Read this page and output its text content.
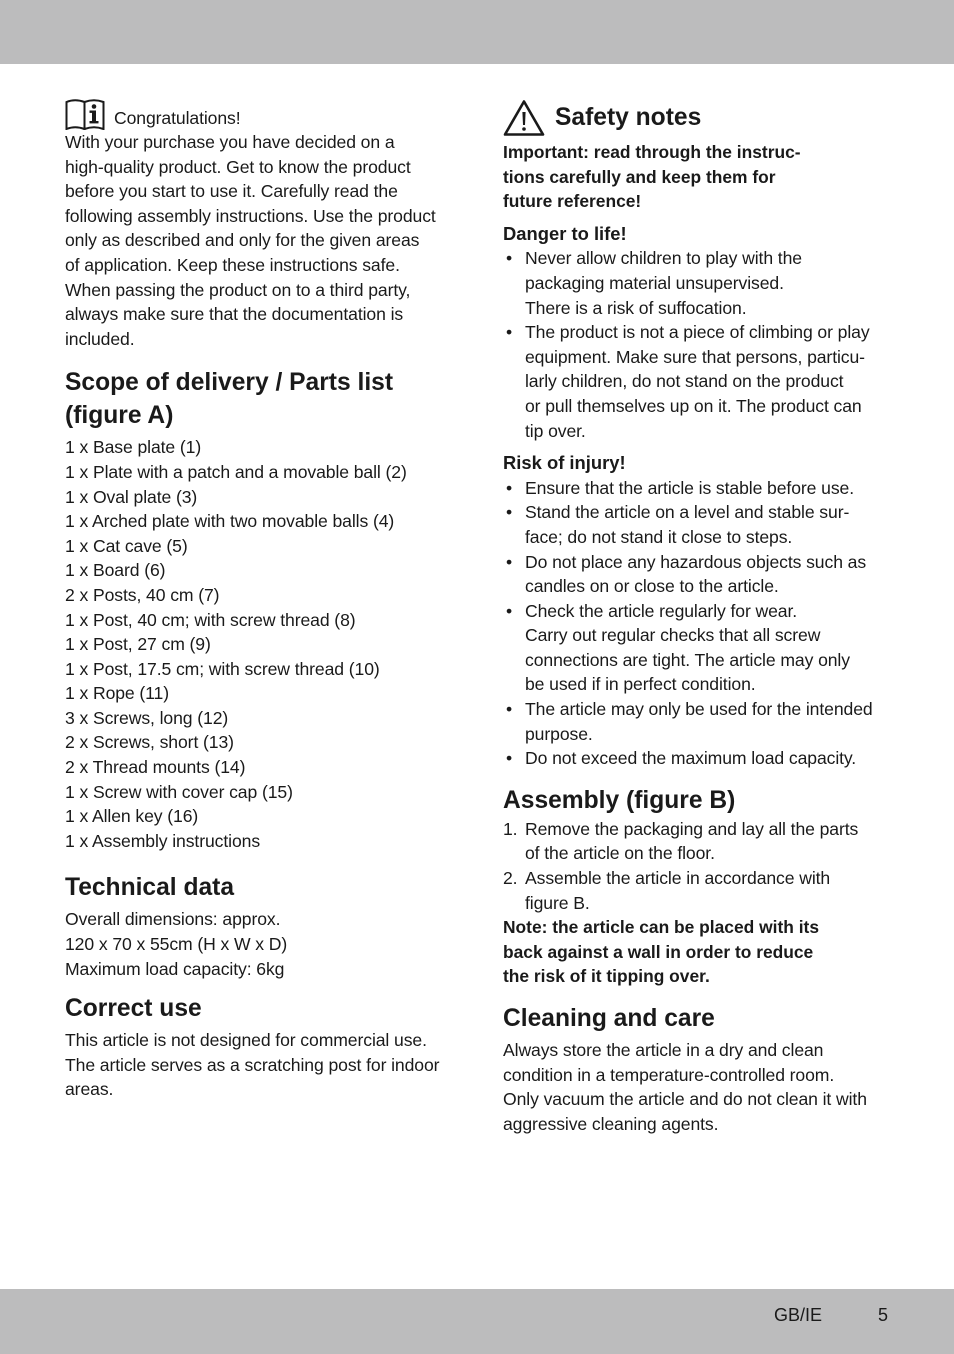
Congratulations!
With your purchase you have decided on a
high-quality product. Get to know the product
before you start to use it. Carefully read the
following assembly instructions. Use the product
only as described and only for the given areas
of application. Keep these instructions safe.
When passing the product on to a third party,
always make sure that the documentation is
included.
Scope of delivery / Parts list
(figure A)
1 x Base plate (1)
1 x Plate with a patch and a movable ball (2)
1 x Oval plate (3)
1 x Arched plate with two movable balls (4)
1 x Cat cave (5)
1 x Board (6)
2 x Posts, 40 cm (7)
1 x Post, 40 cm; with screw thread (8)
1 x Post, 27 cm (9)
1 x Post, 17.5 cm; with screw thread (10)
1 x Rope (11)
3 x Screws, long (12)
2 x Screws, short (13)
2 x Thread mounts (14)
1 x Screw with cover cap (15)
1 x Allen key (16)
1 x Assembly instructions
Technical data
Overall dimensions: approx.
120 x 70 x 55cm (H x W x D)
Maximum load capacity: 6kg
Correct use
This article is not designed for commercial use.
The article serves as a scratching post for indoor
areas.
Safety notes
Important: read through the instruc-
tions carefully and keep them for
future reference!
Danger to life!
• Never allow children to play with the
packaging material unsupervised.
There is a risk of suffocation.
• The product is not a piece of climbing or play
equipment. Make sure that persons, particu-
larly children, do not stand on the product
or pull themselves up on it. The product can
tip over.
Risk of injury!
• Ensure that the article is stable before use.
• Stand the article on a level and stable sur-
face; do not stand it close to steps.
• Do not place any hazardous objects such as
candles on or close to the article.
• Check the article regularly for wear.
Carry out regular checks that all screw
connections are tight. The article may only
be used if in perfect condition.
• The article may only be used for the intended
purpose.
• Do not exceed the maximum load capacity.
Assembly (figure B)
1. Remove the packaging and lay all the parts
of the article on the floor.
2. Assemble the article in accordance with
figure B.
Note: the article can be placed with its
back against a wall in order to reduce
the risk of it tipping over.
Cleaning and care
Always store the article in a dry and clean
condition in a temperature-controlled room.
Only vacuum the article and do not clean it with
aggressive cleaning agents.
GB/IE	5
